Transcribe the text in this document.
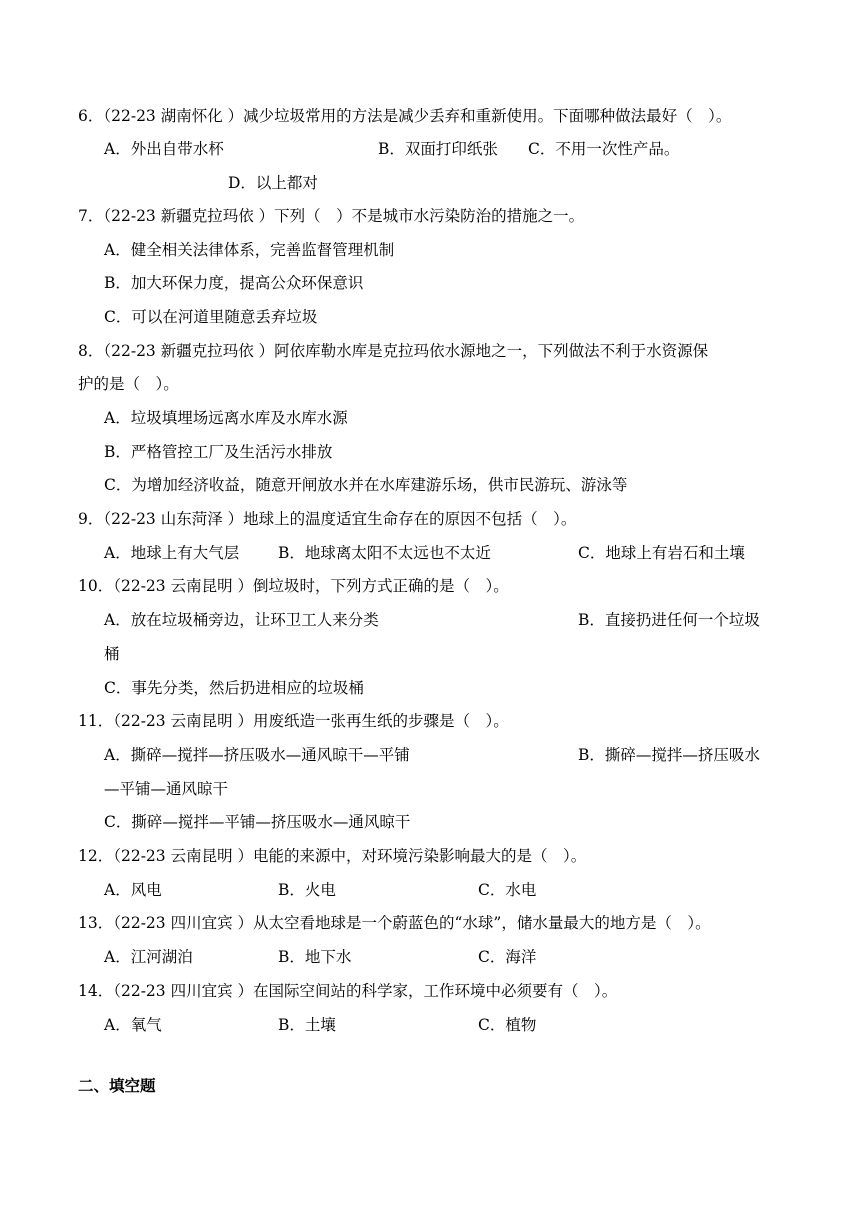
6．（22-23 湖南怀化 ）减少垃圾常用的方法是减少丢弃和重新使用。下面哪种做法最好（　）。
A．外出自带水杯	B．双面打印纸张 C．不用一次性产品。
D．以上都对
7．（22-23 新疆克拉玛依 ）下列（　）不是城市水污染防治的措施之一。
A．健全相关法律体系，完善监督管理机制
B．加大环保力度，提高公众环保意识
C．可以在河道里随意丢弃垃圾
8．（22-23 新疆克拉玛依 ）阿依库勒水库是克拉玛依水源地之一，下列做法不利于水资源保
护的是（　）。
A．垃圾填埋场远离水库及水库水源
B．严格管控工厂及生活污水排放
C．为增加经济收益，随意开闸放水并在水库建游乐场，供市民游玩、游泳等
9．（22-23 山东菏泽 ）地球上的温度适宜生命存在的原因不包括（　）。
A．地球上有大气层	B．地球离太阳不太远也不太近	C．地球上有岩石和土壤
10．（22-23 云南昆明 ）倒垃圾时，下列方式正确的是（　）。
A．放在垃圾桶旁边，让环卫工人来分类	B．直接扔进任何一个垃圾
桶
C．事先分类，然后扔进相应的垃圾桶
11．（22-23 云南昆明 ）用废纸造一张再生纸的步骤是（　）。
A．撕碎—搅拌—挤压吸水—通风晾干—平铺	B．撕碎—搅拌—挤压吸水
—平铺—通风晾干
C．撕碎—搅拌—平铺—挤压吸水—通风晾干
12．（22-23 云南昆明 ）电能的来源中，对环境污染影响最大的是（　）。
A．风电	B．火电	C．水电
13．（22-23 四川宜宾 ）从太空看地球是一个蔚蓝色的“水球”，储水量最大的地方是（　）。
A．江河湖泊	B．地下水	C．海洋
14．（22-23 四川宜宾 ）在国际空间站的科学家，工作环境中必须要有（　）。
A．氧气	B．土壤	C．植物
二、填空题
